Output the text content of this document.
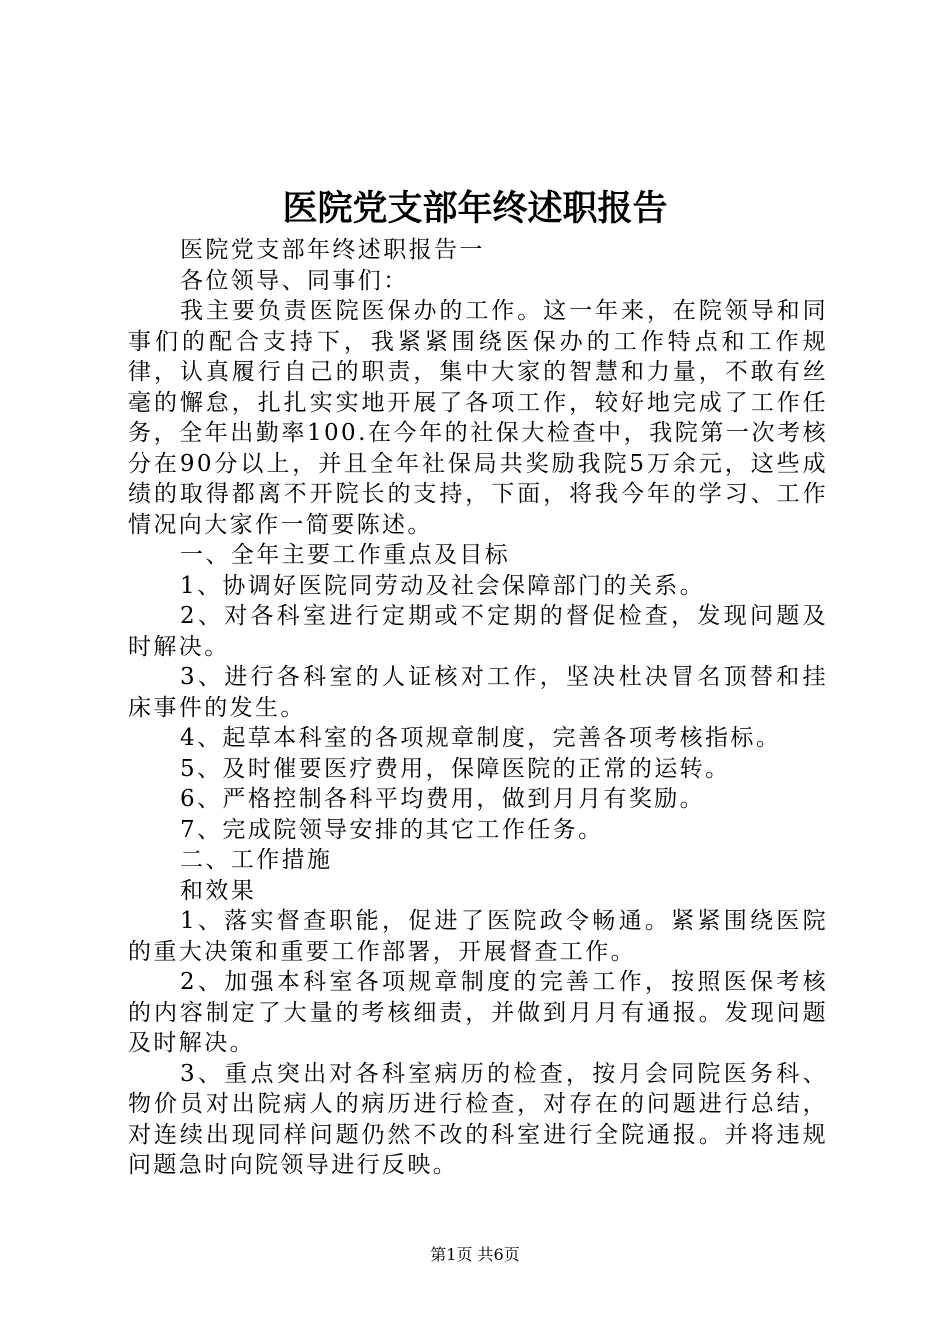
医院党支部年终述职报告

医院党支部年终述职报告一

各位领导、同事们：

我主要负责医院医保办的工作。这一年来，在院领导和同事们的配合支持下，我紧紧围绕医保办的工作特点和工作规律，认真履行自己的职责，集中大家的智慧和力量，不敢有丝毫的懈怠，扎扎实实地开展了各项工作，较好地完成了工作任务，全年出勤率100.在今年的社保大检查中，我院第一次考核分在90分以上，并且全年社保局共奖励我院5万余元，这些成绩的取得都离不开院长的支持，下面，将我今年的学习、工作情况向大家作一简要陈述。

一、全年主要工作重点及目标

1、协调好医院同劳动及社会保障部门的关系。

2、对各科室进行定期或不定期的督促检查，发现问题及时解决。

3、进行各科室的人证核对工作，坚决杜决冒名顶替和挂床事件的发生。

4、起草本科室的各项规章制度，完善各项考核指标。

5、及时催要医疗费用，保障医院的正常的运转。

6、严格控制各科平均费用，做到月月有奖励。

7、完成院领导安排的其它工作任务。

二、工作措施

和效果

1、落实督查职能，促进了医院政令畅通。紧紧围绕医院的重大决策和重要工作部署，开展督查工作。

2、加强本科室各项规章制度的完善工作，按照医保考核的内容制定了大量的考核细责，并做到月月有通报。发现问题及时解决。

3、重点突出对各科室病历的检查，按月会同院医务科、物价员对出院病人的病历进行检查，对存在的问题进行总结，对连续出现同样问题仍然不改的科室进行全院通报。并将违规问题急时向院领导进行反映。

第1页 共6页
